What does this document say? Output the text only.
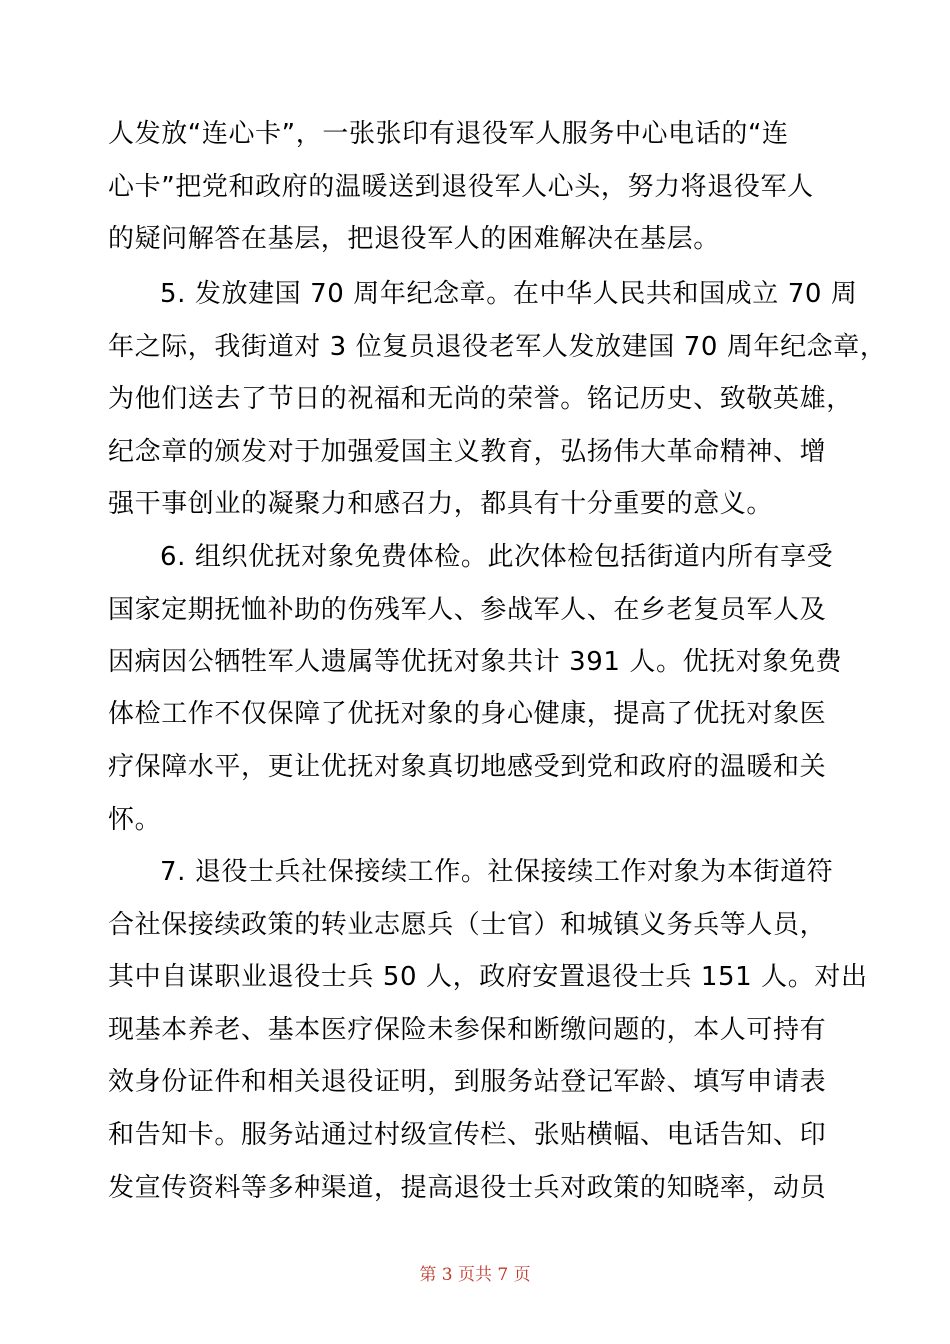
人发放“连心卡”，一张张印有退役军人服务中心电话的“连
心卡”把党和政府的温暖送到退役军人心头，努力将退役军人
的疑问解答在基层，把退役军人的困难解决在基层。
5. 发放建国 70 周年纪念章。在中华人民共和国成立 70 周
年之际，我街道对 3 位复员退役老军人发放建国 70 周年纪念章，
为他们送去了节日的祝福和无尚的荣誉。铭记历史、致敬英雄，
纪念章的颁发对于加强爱国主义教育，弘扬伟大革命精神、增
强干事创业的凝聚力和感召力，都具有十分重要的意义。
6. 组织优抚对象免费体检。此次体检包括街道内所有享受
国家定期抚恤补助的伤残军人、参战军人、在乡老复员军人及
因病因公牺牲军人遗属等优抚对象共计 391 人。优抚对象免费
体检工作不仅保障了优抚对象的身心健康，提高了优抚对象医
疗保障水平，更让优抚对象真切地感受到党和政府的温暖和关
怀。
7. 退役士兵社保接续工作。社保接续工作对象为本街道符
合社保接续政策的转业志愿兵（士官）和城镇义务兵等人员，
其中自谋职业退役士兵 50 人，政府安置退役士兵 151 人。对出
现基本养老、基本医疗保险未参保和断缴问题的，本人可持有
效身份证件和相关退役证明，到服务站登记军龄、填写申请表
和告知卡。服务站通过村级宣传栏、张贴横幅、电话告知、印
发宣传资料等多种渠道，提高退役士兵对政策的知晓率，动员
第 3 页共 7 页
